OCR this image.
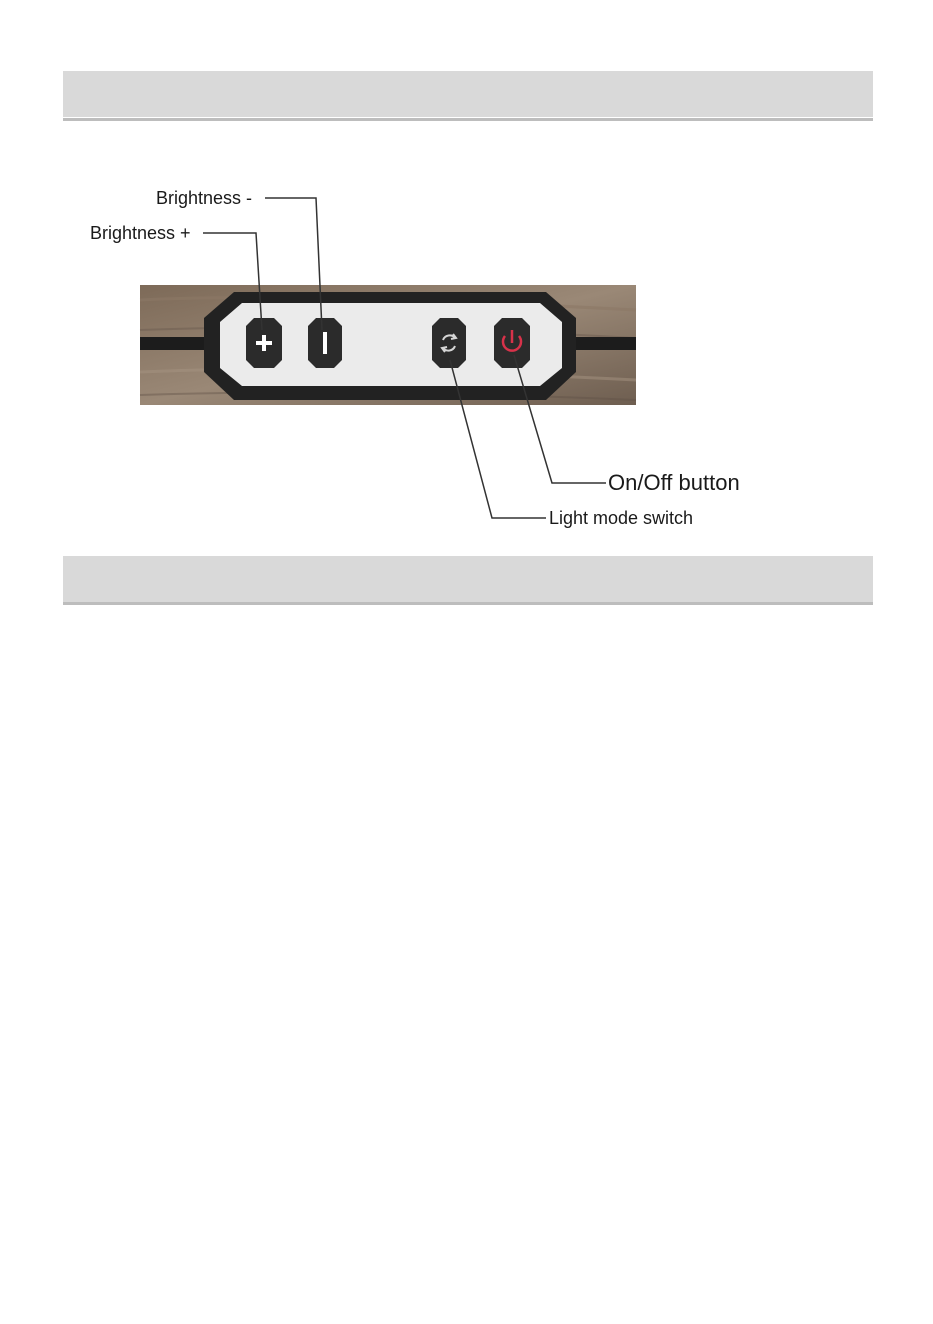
Brightness -
Brightness +
On/Off button
Light mode switch
